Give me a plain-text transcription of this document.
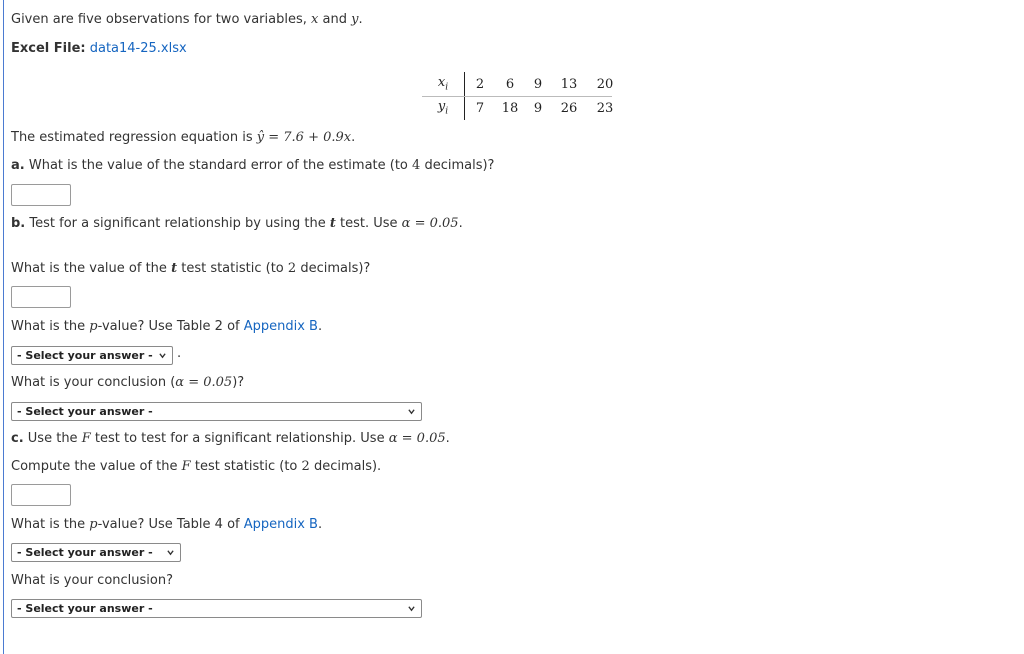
Given are five observations for two variables, x and y.
Excel File: data14-25.xlsx
$x_i$	2	6	9	13	20
$y_i$	7	18	9	26	23
The estimated regression equation is ŷ = 7.6 + 0.9x.
a. What is the value of the standard error of the estimate (to 4 decimals)?
b. Test for a significant relationship by using the t test. Use α = 0.05.
What is the value of the t test statistic (to 2 decimals)?
What is the p-value? Use Table 2 of Appendix B.
- Select your answer -	.
What is your conclusion (α = 0.05)?
- Select your answer -
c. Use the F test to test for a significant relationship. Use α = 0.05.
Compute the value of the F test statistic (to 2 decimals).
What is the p-value? Use Table 4 of Appendix B.
- Select your answer -
What is your conclusion?
- Select your answer -
